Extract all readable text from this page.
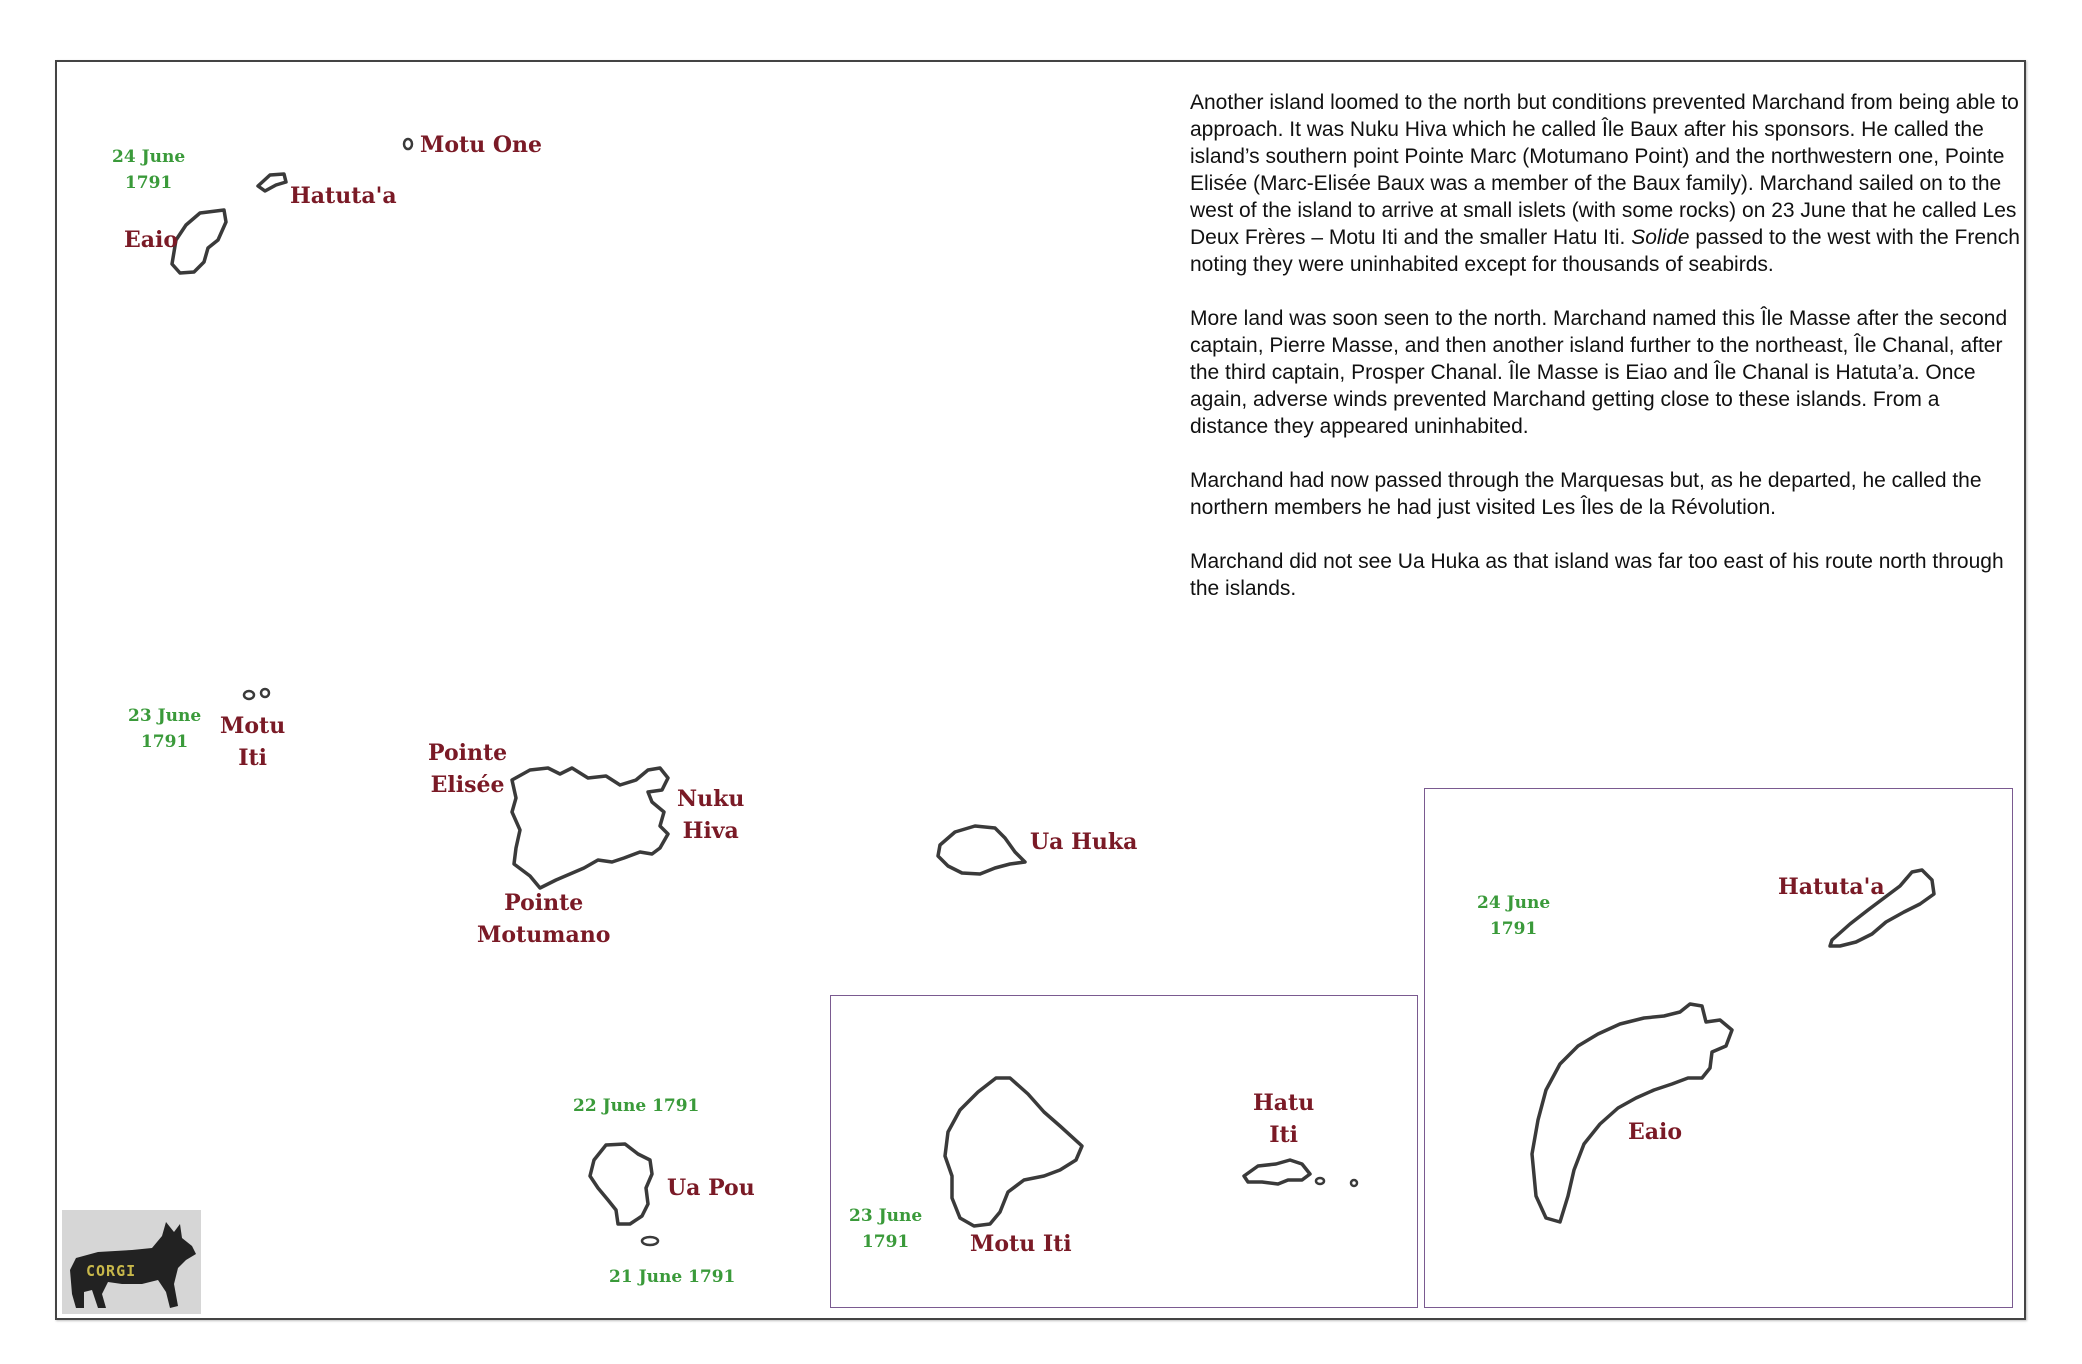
24 June
1791
Motu One
Hatuta'a
Eaio
23 June
1791
Motu
Iti	Pointe
Elisée
Nuku
Hiva
Pointe
Motumano
Ua Huka
22 June 1791
Ua Pou
21 June 1791
23 June
1791	Motu Iti
Hatu
Iti
24 June
1791
Hatuta'a
Eaio

Another island loomed to the north but conditions prevented Marchand from being able to approach. It was Nuku Hiva which he called Île Baux after his sponsors. He called the island’s southern point Pointe Marc (Motumano Point) and the northwestern one, Pointe Elisée (Marc-Elisée Baux was a member of the Baux family). Marchand sailed on to the west of the island to arrive at small islets (with some rocks) on 23 June that he called Les Deux Frères – Motu Iti and the smaller Hatu Iti. Solide passed to the west with the French noting they were uninhabited except for thousands of seabirds.

More land was soon seen to the north. Marchand named this Île Masse after the second captain, Pierre Masse, and then another island further to the northeast, Île Chanal, after the third captain, Prosper Chanal. Île Masse is Eiao and Île Chanal is Hatuta’a. Once again, adverse winds prevented Marchand getting close to these islands. From a distance they appeared uninhabited.

Marchand had now passed through the Marquesas but, as he departed, he called the northern members he had just visited Les Îles de la Révolution.

Marchand did not see Ua Huka as that island was far too east of his route north through the islands.

CORGI
